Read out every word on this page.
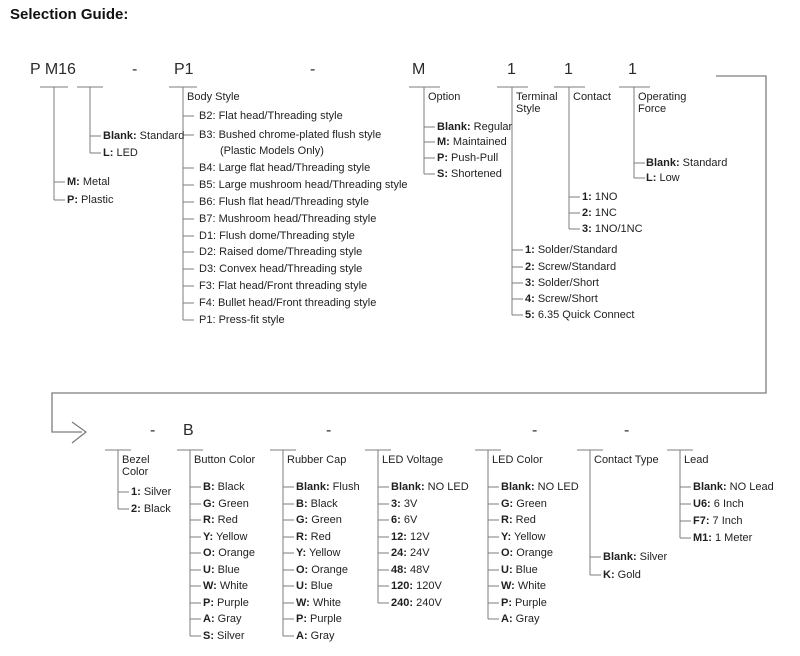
Selection Guide:
P M16	- P1	-	M	1	1	1
- B	-	-	-
M: Metal
P: Plastic
Blank: Standard
L: LED
Body Style
B2: Flat head/Threading style
B3: Bushed chrome-plated flush style
(Plastic Models Only)
B4: Large flat head/Threading style
B5: Large mushroom head/Threading style
B6: Flush flat head/Threading style
B7: Mushroom head/Threading style
D1: Flush dome/Threading style
D2: Raised dome/Threading style
D3: Convex head/Threading style
F3: Flat head/Front threading style
F4: Bullet head/Front threading style
P1: Press-fit style
Option
Blank: Regular
M: Maintained
P: Push-Pull
S: Shortened
Terminal
Style
1: Solder/Standard
2: Screw/Standard
3: Solder/Short
4: Screw/Short
5: 6.35 Quick Connect
Contact
1: 1NO
2: 1NC
3: 1NO/1NC
Operating
Force
Blank: Standard
L: Low
Bezel
Color
1: Silver
2: Black
Button Color
B: Black
G: Green
R: Red
Y: Yellow
O: Orange
U: Blue
W: White
P: Purple
A: Gray
S: Silver
Rubber Cap
Blank: Flush
B: Black
G: Green
R: Red
Y: Yellow
O: Orange
U: Blue
W: White
P: Purple
A: Gray
LED Voltage
Blank: NO LED
3: 3V
6: 6V
12: 12V
24: 24V
48: 48V
120: 120V
240: 240V
LED Color
Blank: NO LED
G: Green
R: Red
Y: Yellow
O: Orange
U: Blue
W: White
P: Purple
A: Gray
Contact Type
Blank: Silver
K: Gold
Lead
Blank: NO Lead
U6: 6 Inch
F7: 7 Inch
M1: 1 Meter
